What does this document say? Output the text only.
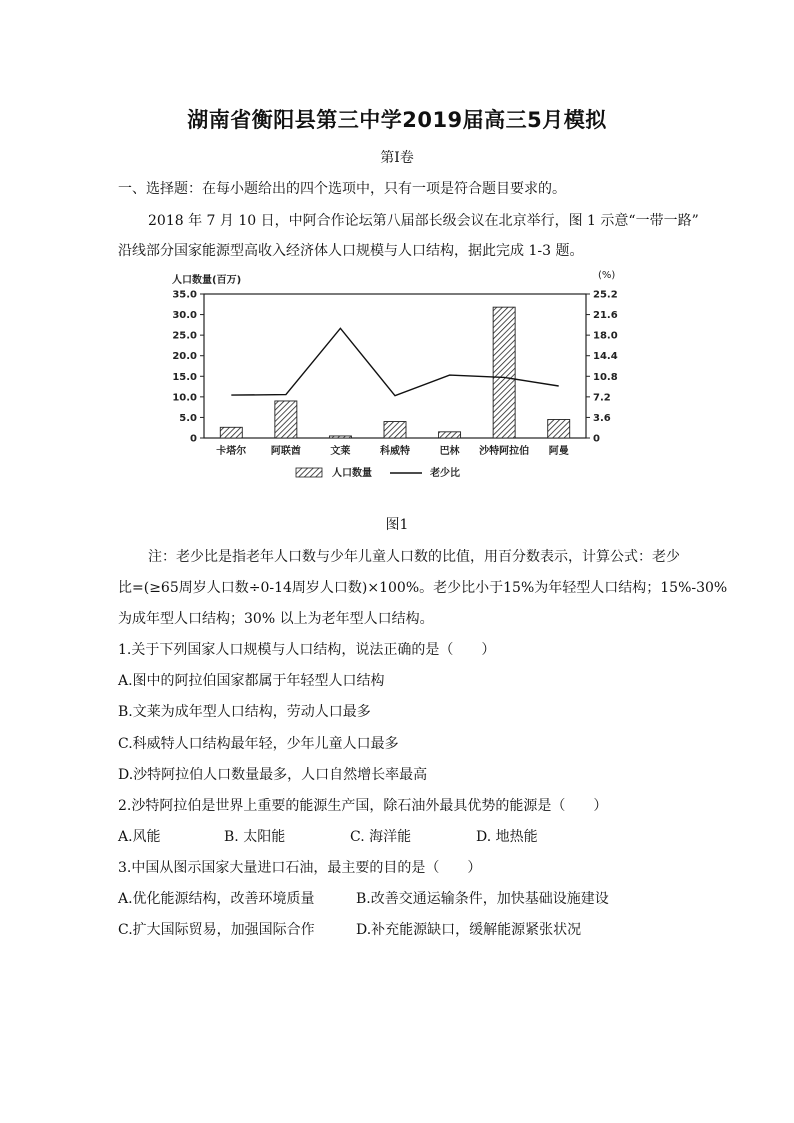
湖南省衡阳县第三中学2019届高三5月模拟
第Ⅰ卷
一、选择题：在每小题给出的四个选项中，只有一项是符合题目要求的。
2018 年 7 月 10 日，中阿合作论坛第八届部长级会议在北京举行，图 1 示意“一带一路”
沿线部分国家能源型高收入经济体人口规模与人口结构，据此完成 1-3 题。
人口数量(百万)	(%)
35.0
30.0
25.0
20.0
15.0
10.0
5.0
0
25.2
21.6
18.0
14.4
10.8
7.2
3.6
0
卡塔尔 阿联酋	文莱	科威特	巴林 沙特阿拉伯 阿曼
人口数量	老少比
图1
注：老少比是指老年人口数与少年儿童人口数的比值，用百分数表示，计算公式：老少
比=(≥65周岁人口数÷0-14周岁人口数)×100%。老少比小于15%为年轻型人口结构；15%-30%
为成年型人口结构；30% 以上为老年型人口结构。
1.关于下列国家人口规模与人口结构，说法正确的是（　　）
A.图中的阿拉伯国家都属于年轻型人口结构
B.文莱为成年型人口结构，劳动人口最多
C.科威特人口结构最年轻，少年儿童人口最多
D.沙特阿拉伯人口数量最多，人口自然增长率最高
2.沙特阿拉伯是世界上重要的能源生产国，除石油外最具优势的能源是（　　）
A.风能	B. 太阳能	C. 海洋能	D. 地热能
3.中国从图示国家大量进口石油，最主要的目的是（　　）
A.优化能源结构，改善环境质量	B.改善交通运输条件，加快基础设施建设
C.扩大国际贸易，加强国际合作	D.补充能源缺口，缓解能源紧张状况
